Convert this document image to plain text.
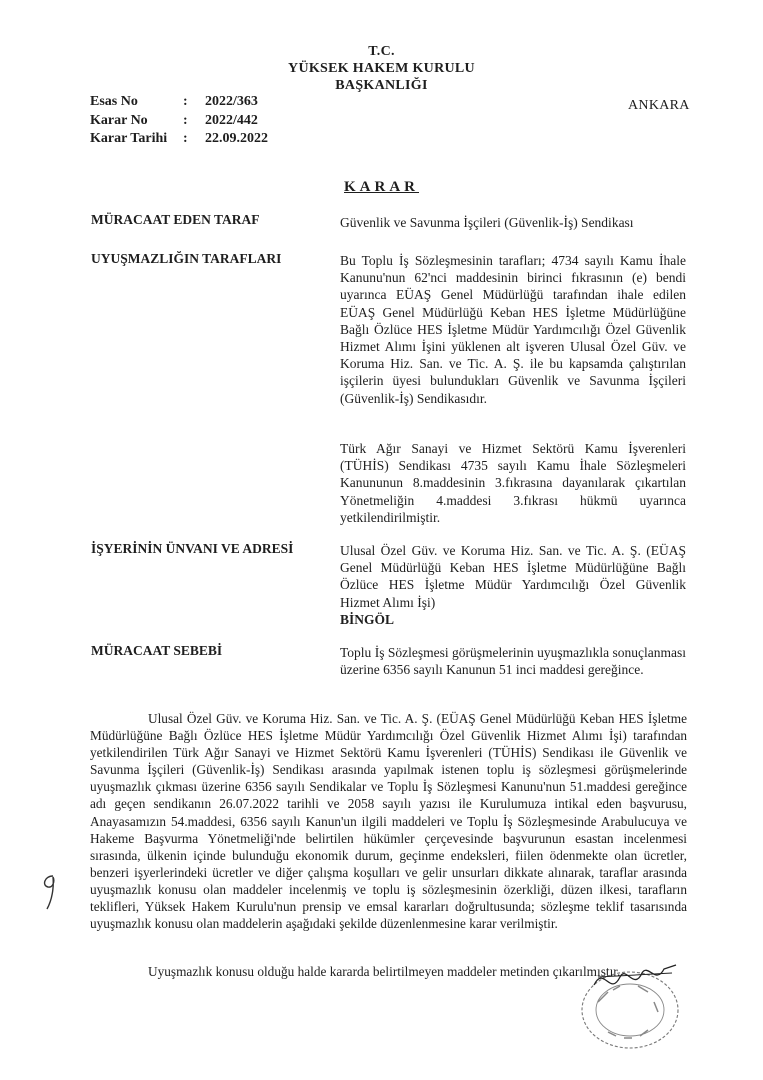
T.C.
YÜKSEK HAKEM KURULU
BAŞKANLIĞI
Esas No	:	2022/363
Karar No	:	2022/442
Karar Tarihi	:	22.09.2022
ANKARA
KARAR
MÜRACAAT EDEN TARAF	Güvenlik ve Savunma İşçileri (Güvenlik-İş) Sendikası
UYUŞMAZLIĞIN TARAFLARI	Bu Toplu İş Sözleşmesinin tarafları; 4734 sayılı Kamu İhale Kanunu'nun 62'nci maddesinin birinci fıkrasının (e) bendi uyarınca EÜAŞ Genel Müdürlüğü tarafından ihale edilen EÜAŞ Genel Müdürlüğü Keban HES İşletme Müdürlüğüne Bağlı Özlüce HES İşletme Müdür Yardımcılığı Özel Güvenlik Hizmet Alımı İşini yüklenen alt işveren Ulusal Özel Güv. ve Koruma Hiz. San. ve Tic. A. Ş. ile bu kapsamda çalıştırılan işçilerin üyesi bulundukları Güvenlik ve Savunma İşçileri (Güvenlik-İş) Sendikasıdır.
Türk Ağır Sanayi ve Hizmet Sektörü Kamu İşverenleri (TÜHİS) Sendikası 4735 sayılı Kamu İhale Sözleşmeleri Kanununun 8.maddesinin 3.fıkrasına dayanılarak çıkartılan Yönetmeliğin 4.maddesi 3.fıkrası hükmü uyarınca yetkilendirilmiştir.
İŞYERİNİN ÜNVANI VE ADRESİ	Ulusal Özel Güv. ve Koruma Hiz. San. ve Tic. A. Ş. (EÜAŞ Genel Müdürlüğü Keban HES İşletme Müdürlüğüne Bağlı Özlüce HES İşletme Müdür Yardımcılığı Özel Güvenlik Hizmet Alımı İşi)
BİNGÖL
MÜRACAAT SEBEBİ	Toplu İş Sözleşmesi görüşmelerinin uyuşmazlıkla sonuçlanması üzerine 6356 sayılı Kanunun 51 inci maddesi gereğince.
Ulusal Özel Güv. ve Koruma Hiz. San. ve Tic. A. Ş. (EÜAŞ Genel Müdürlüğü Keban HES İşletme Müdürlüğüne Bağlı Özlüce HES İşletme Müdür Yardımcılığı Özel Güvenlik Hizmet Alımı İşi) tarafından yetkilendirilen Türk Ağır Sanayi ve Hizmet Sektörü Kamu İşverenleri (TÜHİS) Sendikası ile Güvenlik ve Savunma İşçileri (Güvenlik-İş) Sendikası arasında yapılmak istenen toplu iş sözleşmesi görüşmelerinde uyuşmazlık çıkması üzerine 6356 sayılı Sendikalar ve Toplu İş Sözleşmesi Kanunu'nun 51.maddesi gereğince adı geçen sendikanın 26.07.2022 tarihli ve 2058 sayılı yazısı ile Kurulumuza intikal eden başvurusu, Anayasamızın 54.maddesi, 6356 sayılı Kanun'un ilgili maddeleri ve Toplu İş Sözleşmesinde Arabulucuya ve Hakeme Başvurma Yönetmeliği'nde belirtilen hükümler çerçevesinde başvurunun esastan incelenmesi sırasında, ülkenin içinde bulunduğu ekonomik durum, geçinme endeksleri, fiilen ödenmekte olan ücretler, benzeri işyerlerindeki ücretler ve diğer çalışma koşulları ve gelir unsurları dikkate alınarak, taraflar arasında uyuşmazlık konusu olan maddeler incelenmiş ve toplu iş sözleşmesinin özerkliği, düzen ilkesi, tarafların teklifleri, Yüksek Hakem Kurulu'nun prensip ve emsal kararları doğrultusunda; sözleşme teklif tasarısında uyuşmazlık konusu olan maddelerin aşağıdaki şekilde düzenlenmesine karar verilmiştir.
Uyuşmazlık konusu olduğu halde kararda belirtilmeyen maddeler metinden çıkarılmıştır.
